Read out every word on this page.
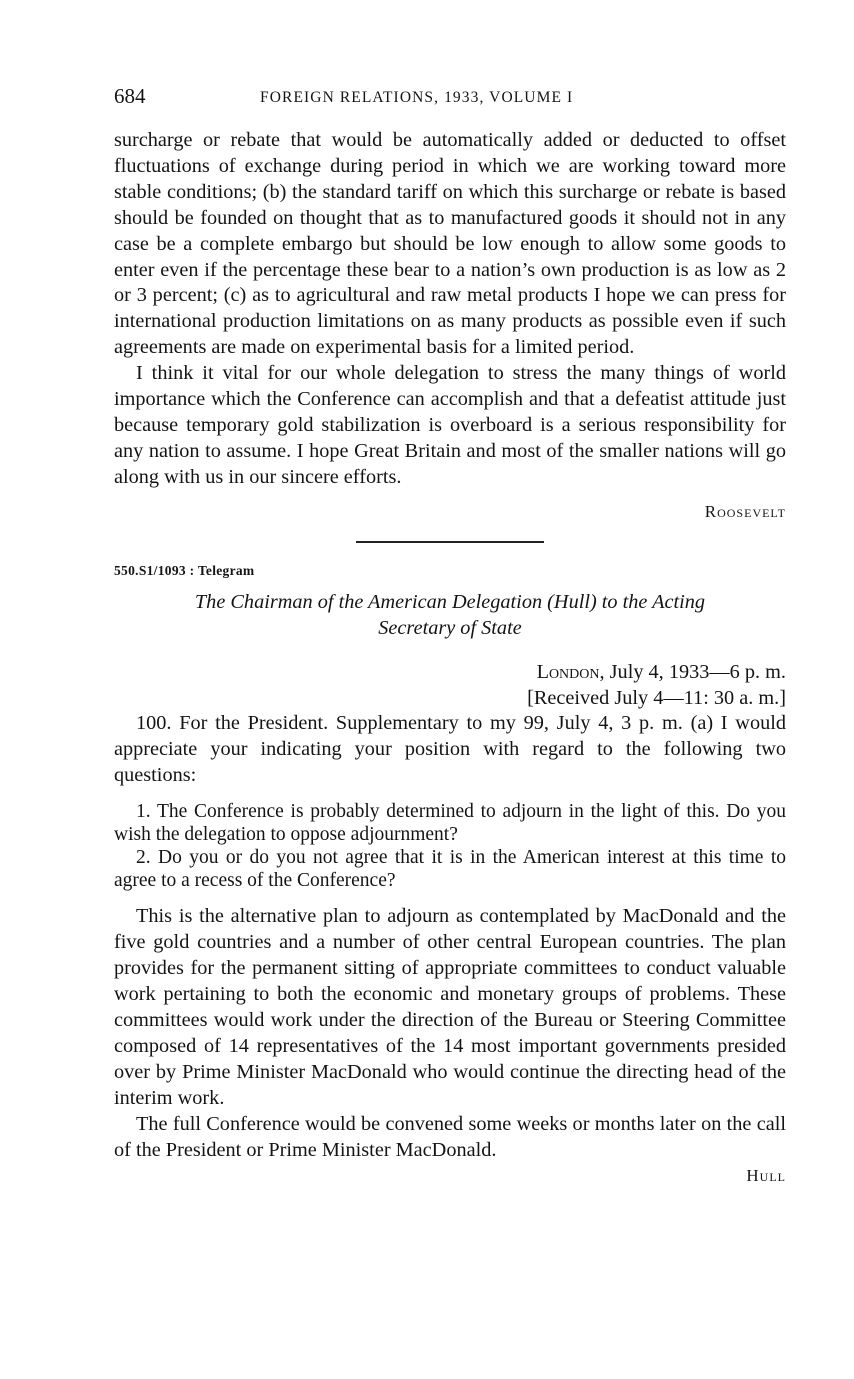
684	FOREIGN RELATIONS, 1933, VOLUME I

surcharge or rebate that would be automatically added or deducted to offset fluctuations of exchange during period in which we are working toward more stable conditions; (b) the standard tariff on which this surcharge or rebate is based should be founded on thought that as to manufactured goods it should not in any case be a complete embargo but should be low enough to allow some goods to enter even if the percentage these bear to a nation’s own production is as low as 2 or 3 percent; (c) as to agricultural and raw metal products I hope we can press for international production limitations on as many products as possible even if such agreements are made on experimental basis for a limited period.

I think it vital for our whole delegation to stress the many things of world importance which the Conference can accomplish and that a defeatist attitude just because temporary gold stabilization is overboard is a serious responsibility for any nation to assume. I hope Great Britain and most of the smaller nations will go along with us in our sincere efforts.

Roosevelt
550.S1/1093 : Telegram
The Chairman of the American Delegation (Hull) to the Acting
Secretary of State
London, July 4, 1933—6 p. m.
[Received July 4—11: 30 a. m.]

100. For the President. Supplementary to my 99, July 4, 3 p. m. (a) I would appreciate your indicating your position with regard to the following two questions:

1. The Conference is probably determined to adjourn in the light of this. Do you wish the delegation to oppose adjournment?

2. Do you or do you not agree that it is in the American interest at this time to agree to a recess of the Conference?

This is the alternative plan to adjourn as contemplated by MacDonald and the five gold countries and a number of other central European countries. The plan provides for the permanent sitting of appropriate committees to conduct valuable work pertaining to both the economic and monetary groups of problems. These committees would work under the direction of the Bureau or Steering Committee composed of 14 representatives of the 14 most important governments presided over by Prime Minister MacDonald who would continue the directing head of the interim work.

The full Conference would be convened some weeks or months later on the call of the President or Prime Minister MacDonald.

Hull
